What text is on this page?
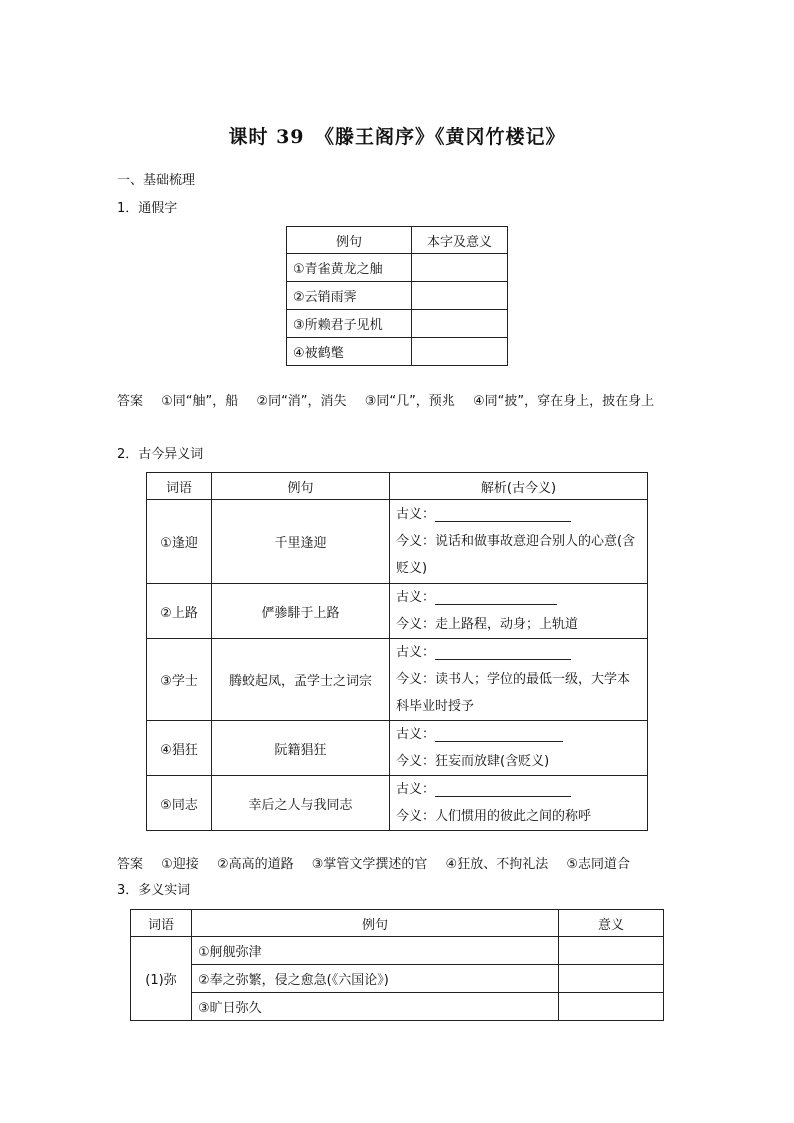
课时 39　《滕王阁序》《黄冈竹楼记》
一、基础梳理
1．通假字
例句	本字及意义
①青雀黄龙之舳	
②云销雨霁	
③所赖君子见机	
④被鹤氅	
答案 ①同“舳”，船 ②同“消”，消失 ③同“几”，预兆 ④同“披”，穿在身上，披在身上
2．古今异义词
词语	例句	解析(古今义)
①逢迎	千里逢迎	古义：
今义：说话和做事故意迎合别人的心意(含贬义)

②上路	俨骖騑于上路	古义：
今义：走上路程，动身；上轨道

③学士	腾蛟起凤，孟学士之词宗	古义：
今义：读书人；学位的最低一级，大学本科毕业时授予

④猖狂	阮籍猖狂	古义：
今义：狂妄而放肆(含贬义)

⑤同志	幸后之人与我同志	古义：
今义：人们惯用的彼此之间的称呼
答案 ①迎接 ②高高的道路 ③掌管文学撰述的官 ④狂放、不拘礼法 ⑤志同道合
3．多义实词
词语	例句	意义
(1)弥	①舸舰弥津	
	②奉之弥繁，侵之愈急(《六国论》)	
	③旷日弥久	
